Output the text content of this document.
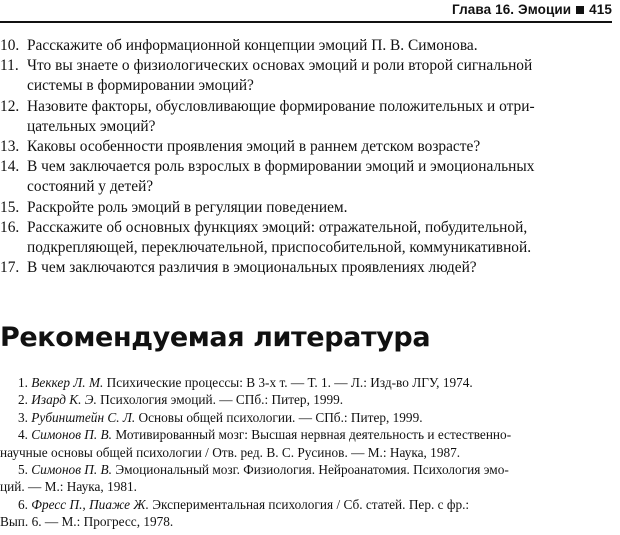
Глава 16. Эмоции 415
10. Расскажите об информационной концепции эмоций П. В. Симонова.
11. Что вы знаете о физиологических основах эмоций и роли второй сигнальной
системы в формировании эмоций?
12. Назовите факторы, обусловливающие формирование положительных и отри-
цательных эмоций?
13. Каковы особенности проявления эмоций в раннем детском возрасте?
14. В чем заключается роль взрослых в формировании эмоций и эмоциональных
состояний у детей?
15. Раскройте роль эмоций в регуляции поведением.
16. Расскажите об основных функциях эмоций: отражательной, побудительной,
подкрепляющей, переключательной, приспособительной, коммуникативной.
17. В чем заключаются различия в эмоциональных проявлениях людей?
Рекомендуемая литература
1. Веккер Л. М. Психические процессы: В 3-х т. — Т. 1. — Л.: Изд-во ЛГУ, 1974.
2. Изард К. Э. Психология эмоций. — СПб.: Питер, 1999.
3. Рубинштейн С. Л. Основы общей психологии. — СПб.: Питер, 1999.
4. Симонов П. В. Мотивированный мозг: Высшая нервная деятельность и естественно-
научные основы общей психологии / Отв. ред. В. С. Русинов. — М.: Наука, 1987.
5. Симонов П. В. Эмоциональный мозг. Физиология. Нейроанатомия. Психология эмо-
ций. — М.: Наука, 1981.
6. Фресс П., Пиаже Ж. Экспериментальная психология / Сб. статей. Пер. с фр.:
Вып. 6. — М.: Прогресс, 1978.
